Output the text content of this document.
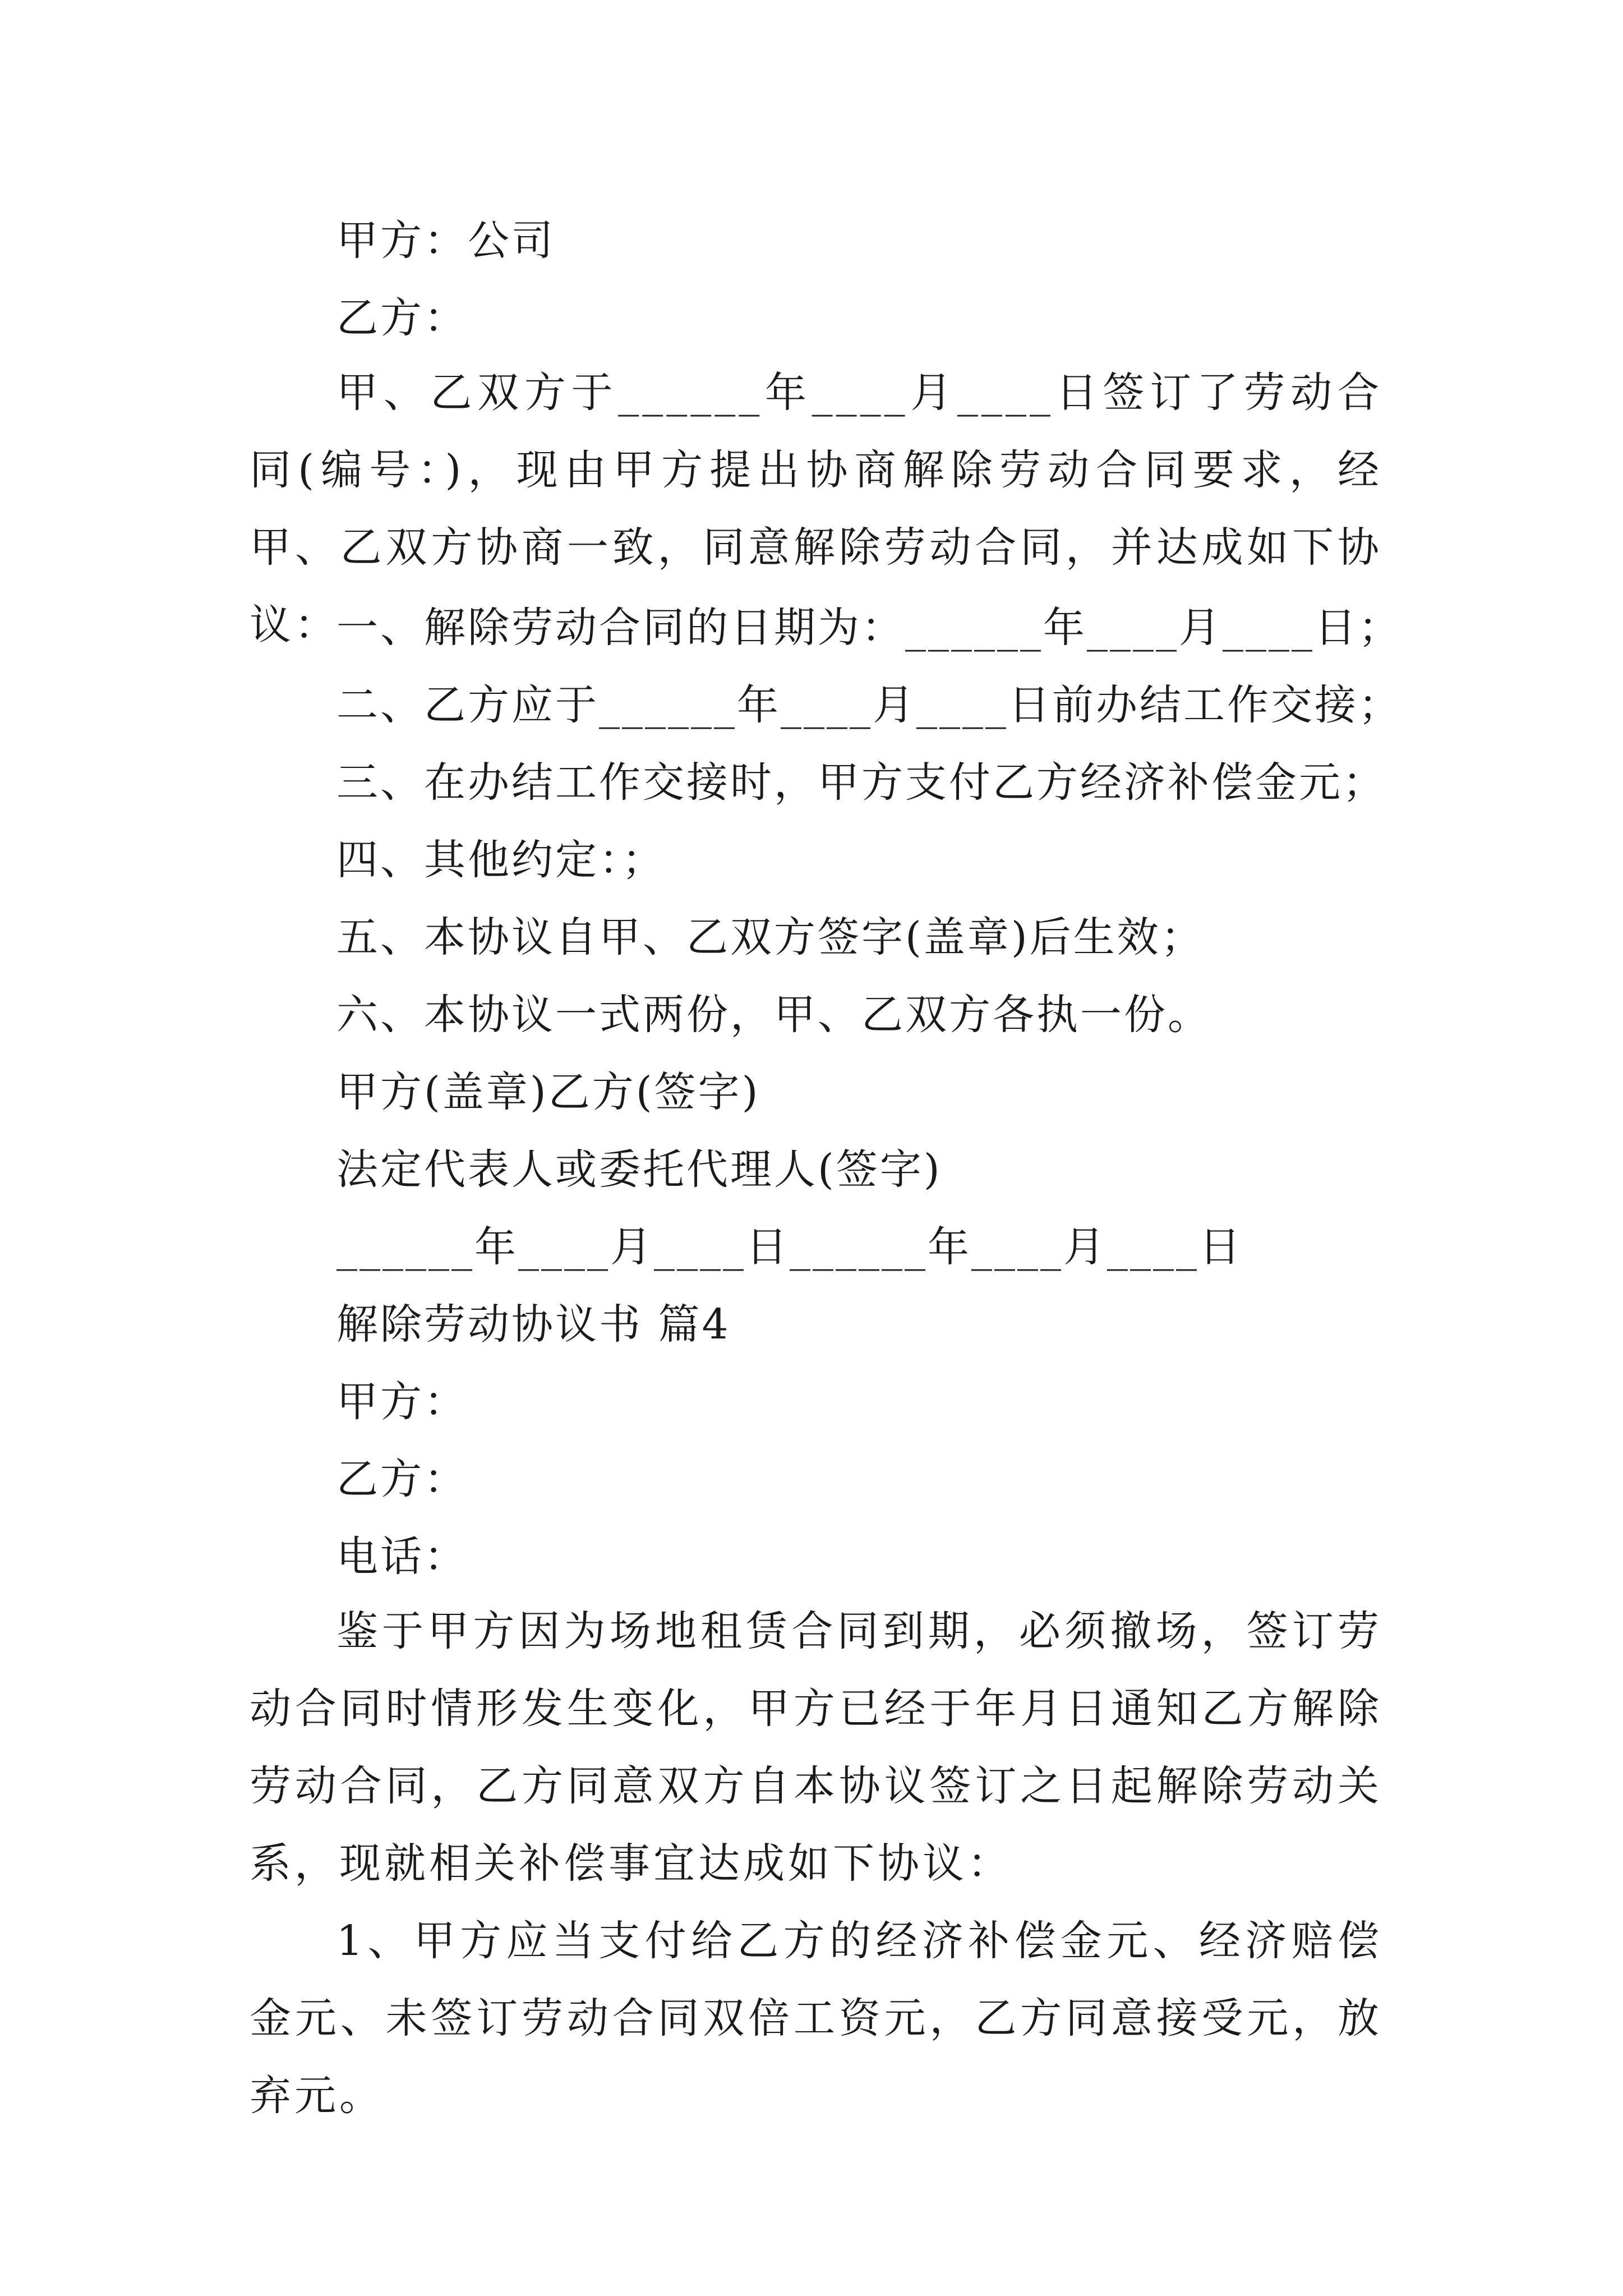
甲方：公司

乙方：

甲、乙双方于______年____月____日签订了劳动合同(编号：)，现由甲方提出协商解除劳动合同要求，经甲、乙双方协商一致，同意解除劳动合同，并达成如下协议：

一、解除劳动合同的日期为：______年____月____日；

二、乙方应于______年____月____日前办结工作交接；

三、在办结工作交接时，甲方支付乙方经济补偿金元；

四、其他约定：；

五、本协议自甲、乙双方签字(盖章)后生效；

六、本协议一式两份，甲、乙双方各执一份。

甲方(盖章)乙方(签字)

法定代表人或委托代理人(签字)

______年____月____日______年____月____日

解除劳动协议书 篇4

甲方：

乙方：

电话：

鉴于甲方因为场地租赁合同到期，必须撤场，签订劳动合同时情形发生变化，甲方已经于年月日通知乙方解除劳动合同，乙方同意双方自本协议签订之日起解除劳动关系，现就相关补偿事宜达成如下协议：

1、甲方应当支付给乙方的经济补偿金元、经济赔偿金元、未签订劳动合同双倍工资元，乙方同意接受元，放弃元。
